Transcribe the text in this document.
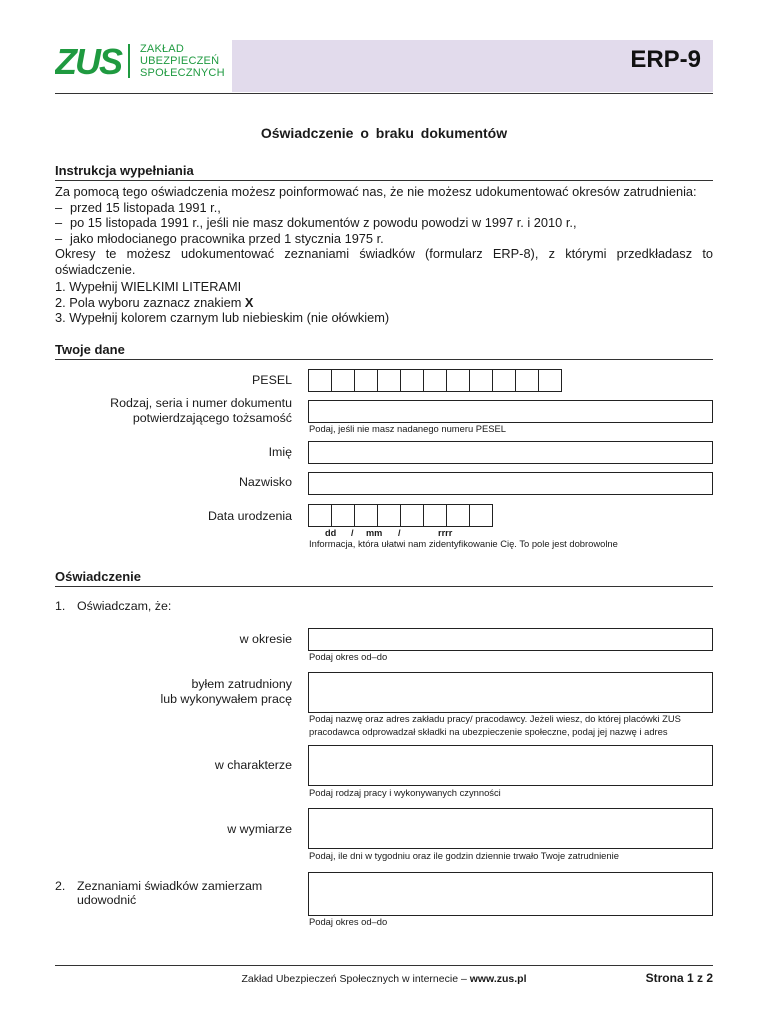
ZUS ZAKŁAD
UBEZPIECZEŃ
SPOŁECZNYCH	ERP-9
Oświadczenie o braku dokumentów
Instrukcja wypełniania
Za pomocą tego oświadczenia możesz poinformować nas, że nie możesz udokumentować okresów zatrudnienia:
– przed 15 listopada 1991 r.,
– po 15 listopada 1991 r., jeśli nie masz dokumentów z powodu powodzi w 1997 r. i 2010 r.,
– jako młodocianego pracownika przed 1 stycznia 1975 r.
Okresy te możesz udokumentować zeznaniami świadków (formularz ERP-8), z którymi przedkładasz to oświadczenie.
1. Wypełnij WIELKIMI LITERAMI
2. Pola wyboru zaznacz znakiem X
3. Wypełnij kolorem czarnym lub niebieskim (nie ołówkiem)
Twoje dane
PESEL
Rodzaj, seria i numer dokumentu
potwierdzającego tożsamość
Podaj, jeśli nie masz nadanego numeru PESEL
Imię
Nazwisko
Data urodzenia
dd / mm /	rrrr
Informacja, która ułatwi nam zidentyfikowanie Cię. To pole jest dobrowolne
Oświadczenie
1. Oświadczam, że:
w okresie
Podaj okres od–do
byłem zatrudniony
lub wykonywałem pracę
Podaj nazwę oraz adres zakładu pracy/ pracodawcy. Jeżeli wiesz, do której placówki ZUS
pracodawca odprowadzał składki na ubezpieczenie społeczne, podaj jej nazwę i adres
w charakterze
Podaj rodzaj pracy i wykonywanych czynności
w wymiarze
Podaj, ile dni w tygodniu oraz ile godzin dziennie trwało Twoje zatrudnienie
2. Zeznaniami świadków zamierzam
udowodnić
Podaj okres od–do
Zakład Ubezpieczeń Społecznych w internecie – www.zus.pl	Strona 1 z 2
